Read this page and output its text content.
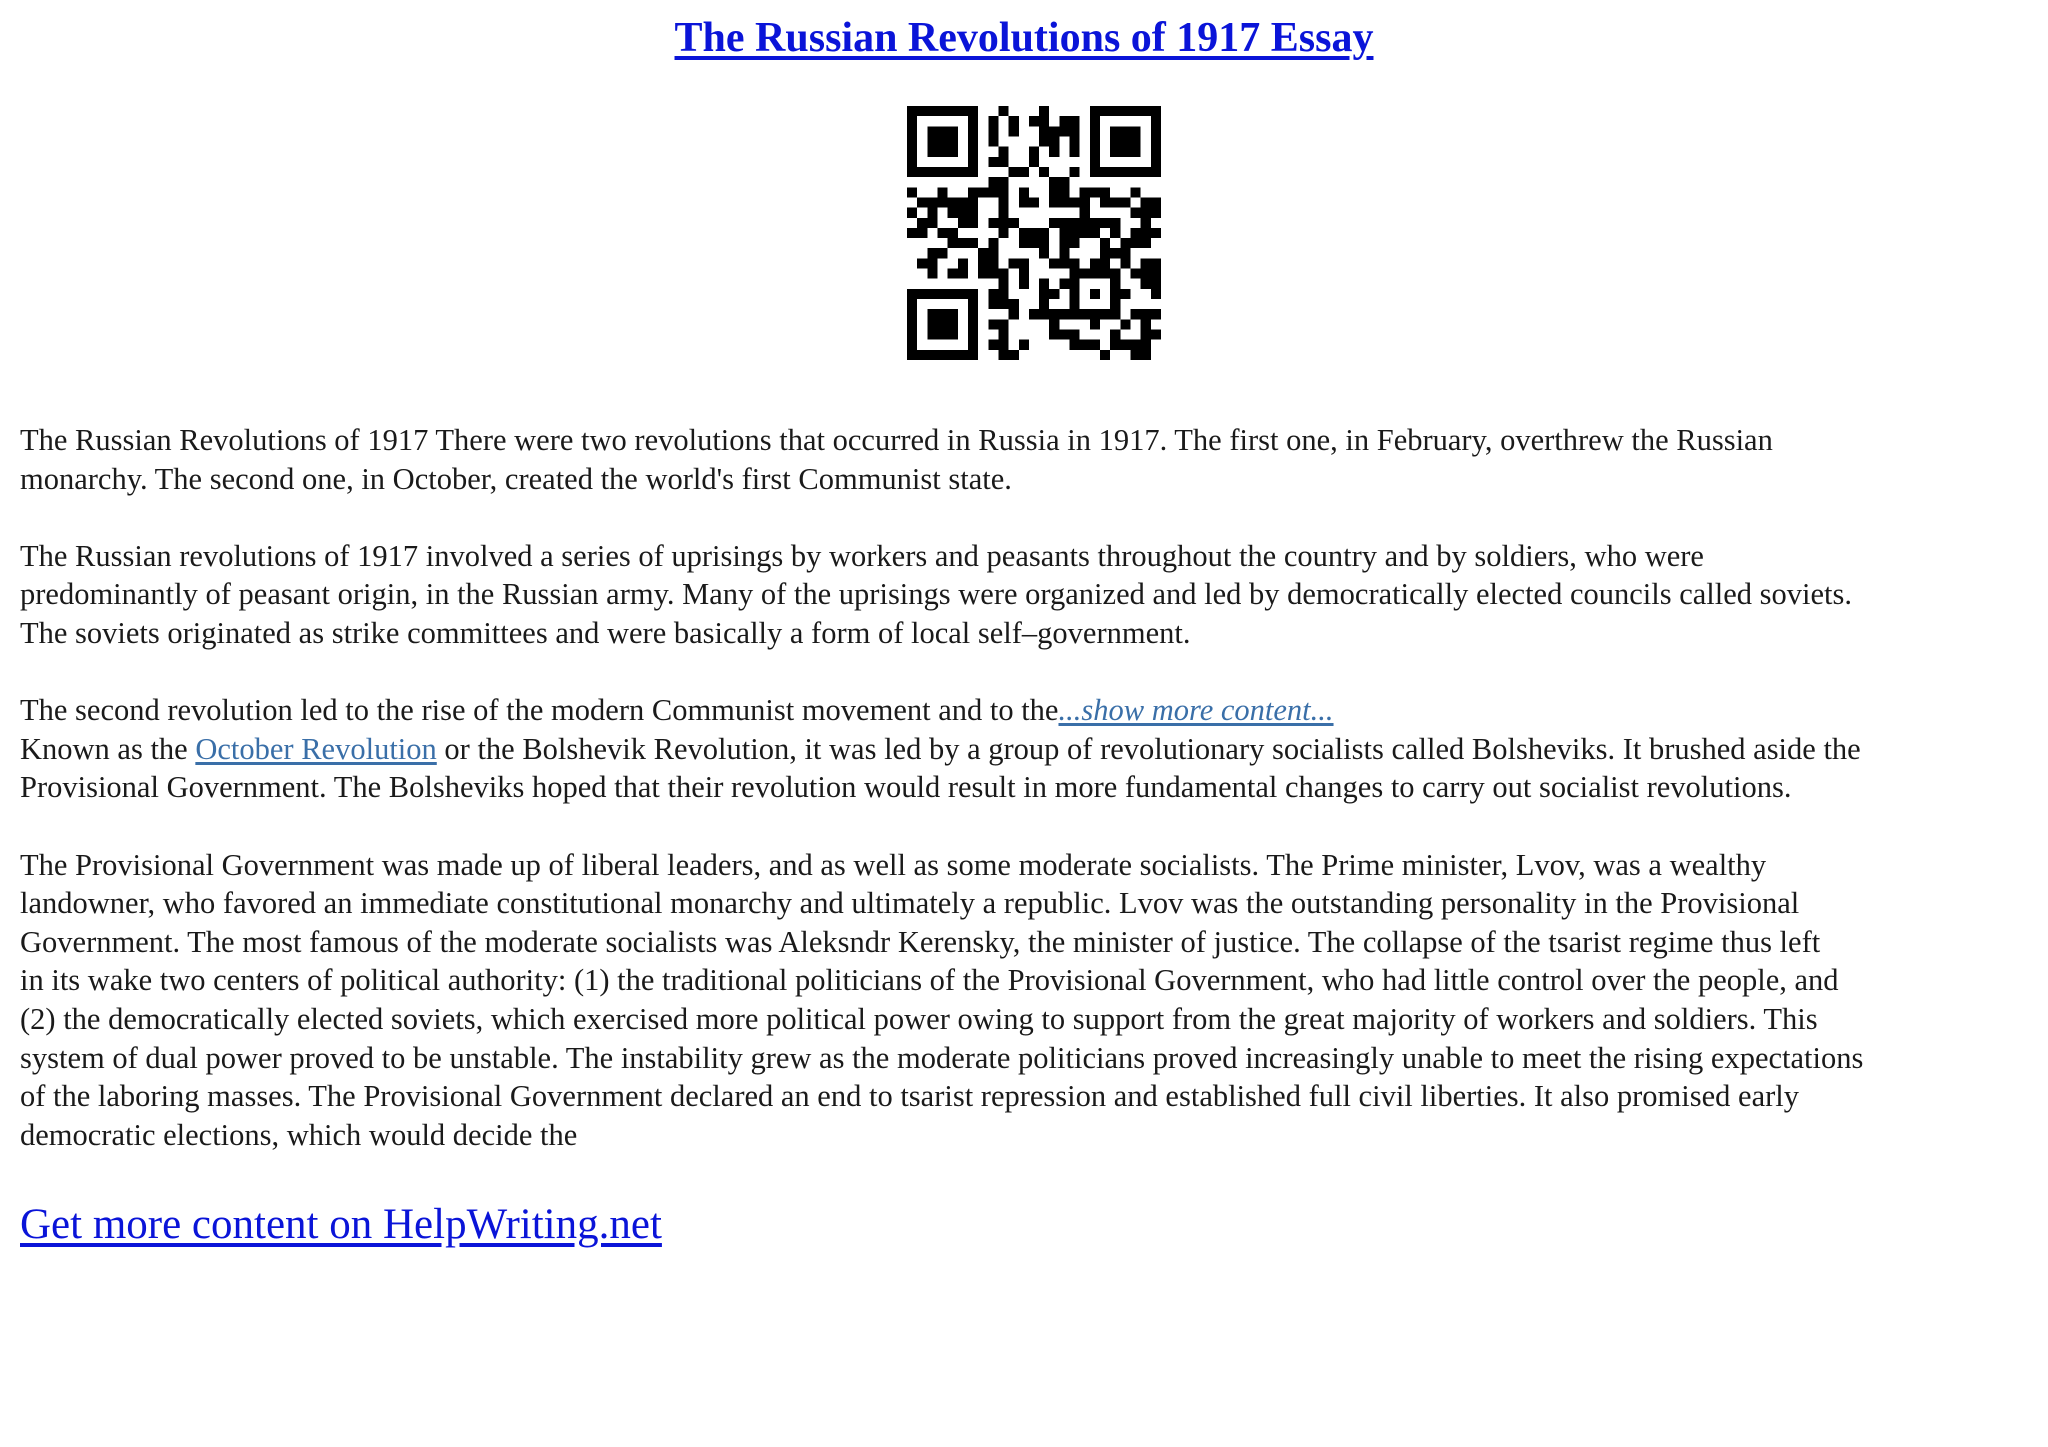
The Russian Revolutions of 1917 Essay

The Russian Revolutions of 1917 There were two revolutions that occurred in Russia in 1917. The first one, in February, overthrew the Russian
monarchy. The second one, in October, created the world's first Communist state.

The Russian revolutions of 1917 involved a series of uprisings by workers and peasants throughout the country and by soldiers, who were
predominantly of peasant origin, in the Russian army. Many of the uprisings were organized and led by democratically elected councils called soviets.
The soviets originated as strike committees and were basically a form of local self–government.

The second revolution led to the rise of the modern Communist movement and to the...show more content...

Known as the October Revolution or the Bolshevik Revolution, it was led by a group of revolutionary socialists called Bolsheviks. It brushed aside the
Provisional Government. The Bolsheviks hoped that their revolution would result in more fundamental changes to carry out socialist revolutions.

The Provisional Government was made up of liberal leaders, and as well as some moderate socialists. The Prime minister, Lvov, was a wealthy
landowner, who favored an immediate constitutional monarchy and ultimately a republic. Lvov was the outstanding personality in the Provisional
Government. The most famous of the moderate socialists was Aleksndr Kerensky, the minister of justice. The collapse of the tsarist regime thus left
in its wake two centers of political authority: (1) the traditional politicians of the Provisional Government, who had little control over the people, and
(2) the democratically elected soviets, which exercised more political power owing to support from the great majority of workers and soldiers. This
system of dual power proved to be unstable. The instability grew as the moderate politicians proved increasingly unable to meet the rising expectations
of the laboring masses. The Provisional Government declared an end to tsarist repression and established full civil liberties. It also promised early
democratic elections, which would decide the

Get more content on HelpWriting.net
